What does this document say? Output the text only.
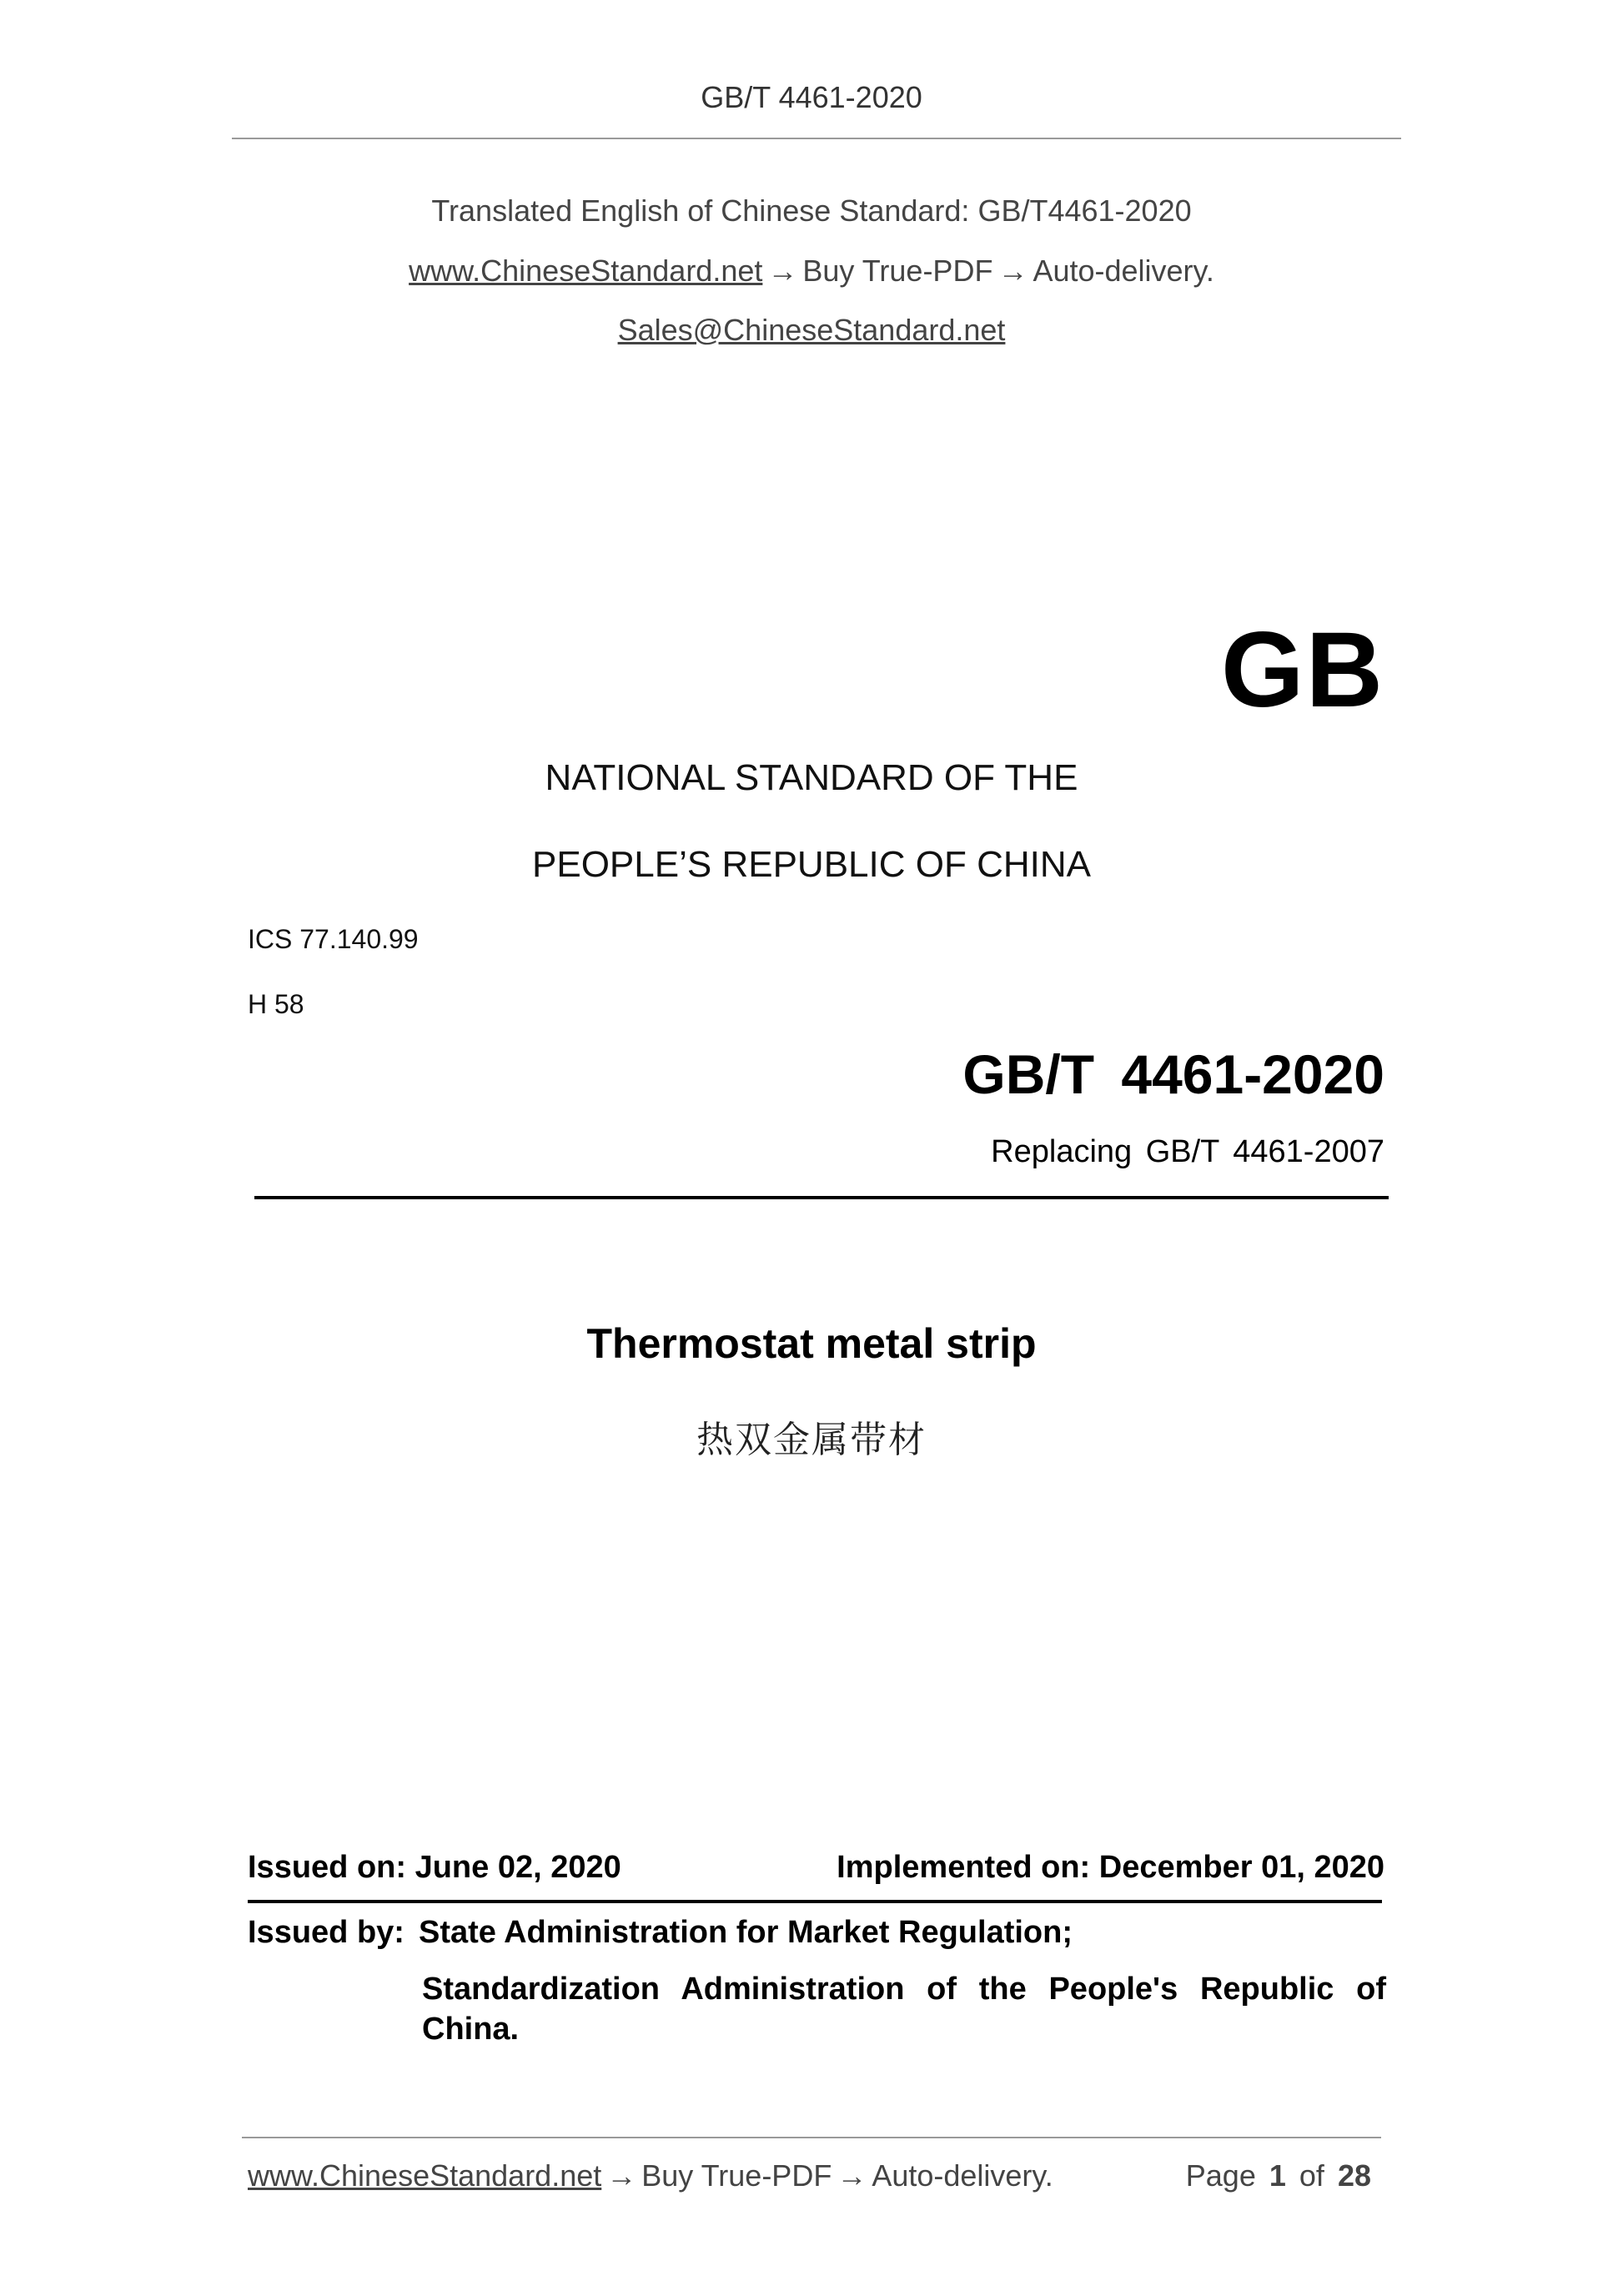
GB/T 4461-2020
Translated English of Chinese Standard: GB/T4461-2020
www.ChineseStandard.net → Buy True-PDF → Auto-delivery.
Sales@ChineseStandard.net
GB
NATIONAL STANDARD OF THE
PEOPLE’S REPUBLIC OF CHINA
ICS 77.140.99
H 58
GB/T 4461-2020
Replacing GB/T 4461-2007
Thermostat metal strip
热双金属带材
Issued on: June 02, 2020	Implemented on: December 01, 2020
Issued by: State Administration for Market Regulation;
Standardization Administration of the People's Republic of
China.
www.ChineseStandard.net → Buy True-PDF → Auto-delivery.	Page 1 of 28
